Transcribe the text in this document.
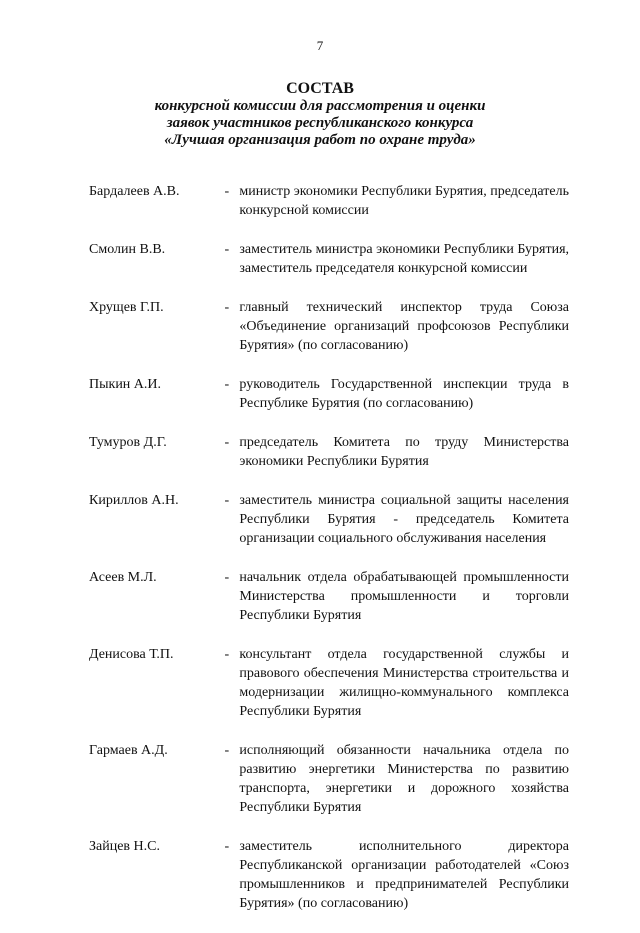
7
СОСТАВ
конкурсной комиссии для рассмотрения и оценки
заявок участников республиканского конкурса
«Лучшая организация работ по охране труда»
Бардалеев А.В.	- министр экономики Республики Бурятия, председатель конкурсной комиссии
Смолин В.В.	- заместитель министра экономики Республики Бурятия, заместитель председателя конкурсной комиссии
Хрущев Г.П.	- главный технический инспектор труда Союза «Объединение организаций профсоюзов Республики Бурятия» (по согласованию)
Пыкин А.И.	- руководитель Государственной инспекции труда в Республике Бурятия (по согласованию)
Тумуров Д.Г.	- председатель Комитета по труду Министерства экономики Республики Бурятия
Кириллов А.Н.	- заместитель министра социальной защиты населения Республики Бурятия - председатель Комитета организации социального обслуживания населения
Асеев М.Л.	- начальник отдела обрабатывающей промышленности Министерства промышленности и торговли Республики Бурятия
Денисова Т.П.	- консультант отдела государственной службы и правового обеспечения Министерства строительства и модернизации жилищно-коммунального комплекса Республики Бурятия
Гармаев А.Д.	- исполняющий обязанности начальника отдела по развитию энергетики Министерства по развитию транспорта, энергетики и дорожного хозяйства Республики Бурятия
Зайцев Н.С.	- заместитель исполнительного директора Республиканской организации работодателей «Союз промышленников и предпринимателей Республики Бурятия» (по согласованию)
